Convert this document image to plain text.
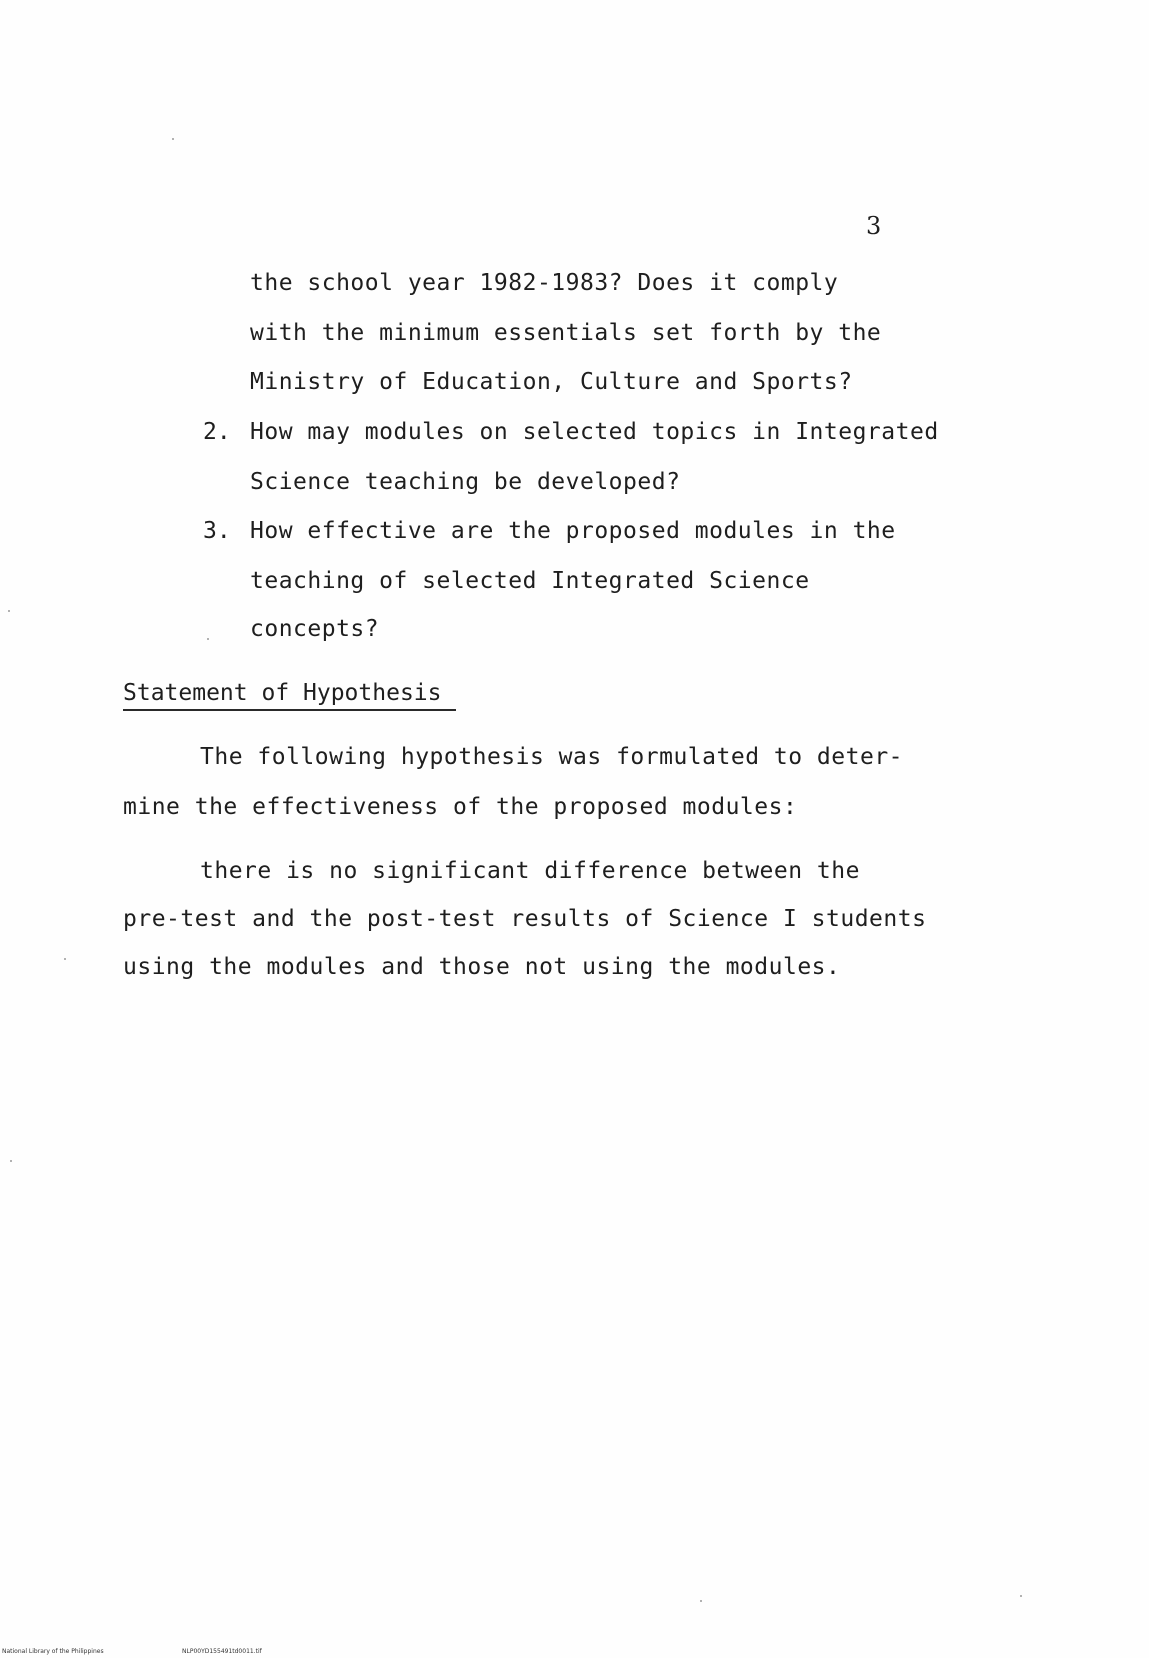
3
the school year 1982-1983? Does it comply
with the minimum essentials set forth by the
Ministry of Education, Culture and Sports?
2. How may modules on selected topics in Integrated
Science teaching be developed?
3. How effective are the proposed modules in the
teaching of selected Integrated Science
concepts?
Statement of Hypothesis
The following hypothesis was formulated to deter-
mine the effectiveness of the proposed modules:
there is no significant difference between the
pre-test and the post-test results of Science I students
using the modules and those not using the modules.
National Library of the Philippines	NLP00YD155491td0011.tif
